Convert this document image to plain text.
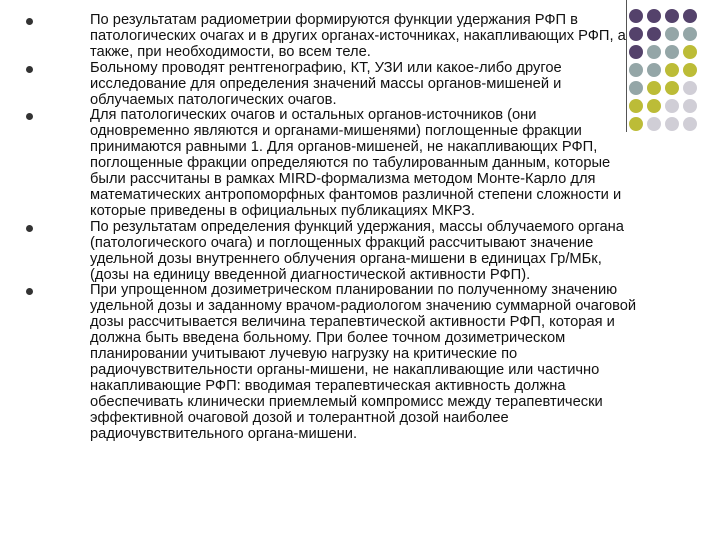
По результатам радиометрии формируются функции удержания РФП в патологических очагах и в других органах-источниках, накапливающих РФП, а также, при необходимости, во всем теле.
Больному проводят рентгенографию, КТ, УЗИ или какое-либо другое исследование для определения значений массы органов-мишеней и облучаемых патологических очагов.
Для патологических очагов и остальных органов-источников (они одновременно являются и органами-мишенями) поглощенные фракции принимаются равными 1. Для органов-мишеней, не накапливающих РФП, поглощенные фракции определяются по табулированным данным, которые были рассчитаны в рамках MIRD-формализма методом Монте-Карло для математических антропоморфных фантомов различной степени сложности и которые приведены в официальных публикациях МКРЗ.
По результатам определения функций удержания, массы облучаемого органа (патологического очага) и поглощенных фракций рассчитывают значение удельной дозы внутреннего облучения органа-мишени в единицах Гр/МБк, (дозы на единицу введенной диагностической активности РФП).
При упрощенном дозиметрическом планировании по полученному значению удельной дозы и заданному врачом-радиологом значению суммарной очаговой дозы рассчитывается величина терапевтической активности РФП, которая и должна быть введена больному. При более точном дозиметрическом планировании учитывают лучевую нагрузку на критические по радиочувствительности органы-мишени, не накапливающие или частично накапливающие РФП: вводимая терапевтическая активность должна обеспечивать клинически приемлемый компромисс между терапевтически эффективной очаговой дозой и толерантной дозой наиболее радиочувствительного органа-мишени.
